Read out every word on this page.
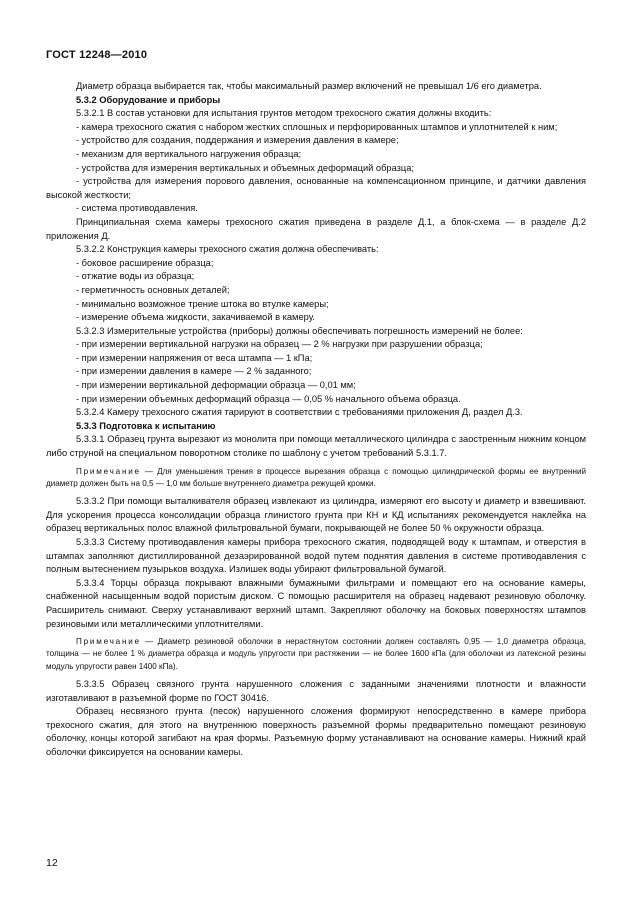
ГОСТ 12248—2010

Диаметр образца выбирается так, чтобы максимальный размер включений не превышал 1/6 его диаметра.

5.3.2 Оборудование и приборы

5.3.2.1 В состав установки для испытания грунтов методом трехосного сжатия должны входить:

- камера трехосного сжатия с набором жестких сплошных и перфорированных штампов и уплотнителей к ним;

- устройство для создания, поддержания и измерения давления в камере;

- механизм для вертикального нагружения образца;

- устройства для измерения вертикальных и объемных деформаций образца;

- устройства для измерения порового давления, основанные на компенсационном принципе, и датчики давления высокой жесткости;

- система противодавления.

Принципиальная схема камеры трехосного сжатия приведена в разделе Д.1, а блок-схема — в разделе Д.2 приложения Д.

5.3.2.2 Конструкция камеры трехосного сжатия должна обеспечивать:

- боковое расширение образца;

- отжатие воды из образца;

- герметичность основных деталей;

- минимально возможное трение штока во втулке камеры;

- измерение объема жидкости, закачиваемой в камеру.

5.3.2.3 Измерительные устройства (приборы) должны обеспечивать погрешность измерений не более:

- при измерении вертикальной нагрузки на образец — 2 % нагрузки при разрушении образца;

- при измерении напряжения от веса штампа — 1 кПа;

- при измерении давления в камере — 2 % заданного;

- при измерении вертикальной деформации образца — 0,01 мм;

- при измерении объемных деформаций образца — 0,05 % начального объема образца.

5.3.2.4 Камеру трехосного сжатия тарируют в соответствии с требованиями приложения Д, раздел Д.3.

5.3.3 Подготовка к испытанию

5.3.3.1 Образец грунта вырезают из монолита при помощи металлического цилиндра с заостренным нижним концом либо струной на специальном поворотном столике по шаблону с учетом требований 5.3.1.7.

Примечание — Для уменьшения трения в процессе вырезания образца с помощью цилиндрической формы ее внутренний диаметр должен быть на 0,5 — 1,0 мм больше внутреннего диаметра режущей кромки.

5.3.3.2 При помощи выталкивателя образец извлекают из цилиндра, измеряют его высоту и диаметр и взвешивают. Для ускорения процесса консолидации образца глинистого грунта при КН и КД испытаниях рекомендуется наклейка на образец вертикальных полос влажной фильтровальной бумаги, покрывающей не более 50 % окружности образца.

5.3.3.3 Систему противодавления камеры прибора трехосного сжатия, подводящей воду к штампам, и отверстия в штампах заполняют дистиллированной дезаэрированной водой путем поднятия давления в системе противодавления с полным вытеснением пузырьков воздуха. Излишек воды убирают фильтровальной бумагой.

5.3.3.4 Торцы образца покрывают влажными бумажными фильтрами и помещают его на основание камеры, снабженной насыщенным водой пористым диском. С помощью расширителя на образец надевают резиновую оболочку. Расширитель снимают. Сверху устанавливают верхний штамп. Закрепляют оболочку на боковых поверхностях штампов резиновыми или металлическими уплотнителями.

Примечание — Диаметр резиновой оболочки в нерастянутом состоянии должен составлять 0,95 — 1,0 диаметра образца, толщина — не более 1 % диаметра образца и модуль упругости при растяжении — не более 1600 кПа (для оболочки из латексной резины модуль упругости равен 1400 кПа).

5.3.3.5 Образец связного грунта нарушенного сложения с заданными значениями плотности и влажности изготавливают в разъемной форме по ГОСТ 30416.

Образец несвязного грунта (песок) нарушенного сложения формируют непосредственно в камере прибора трехосного сжатия, для этого на внутреннюю поверхность разъемной формы предварительно помещают резиновую оболочку, концы которой загибают на края формы. Разъемную форму устанавливают на основание камеры. Нижний край оболочки фиксируется на основании камеры.

12
